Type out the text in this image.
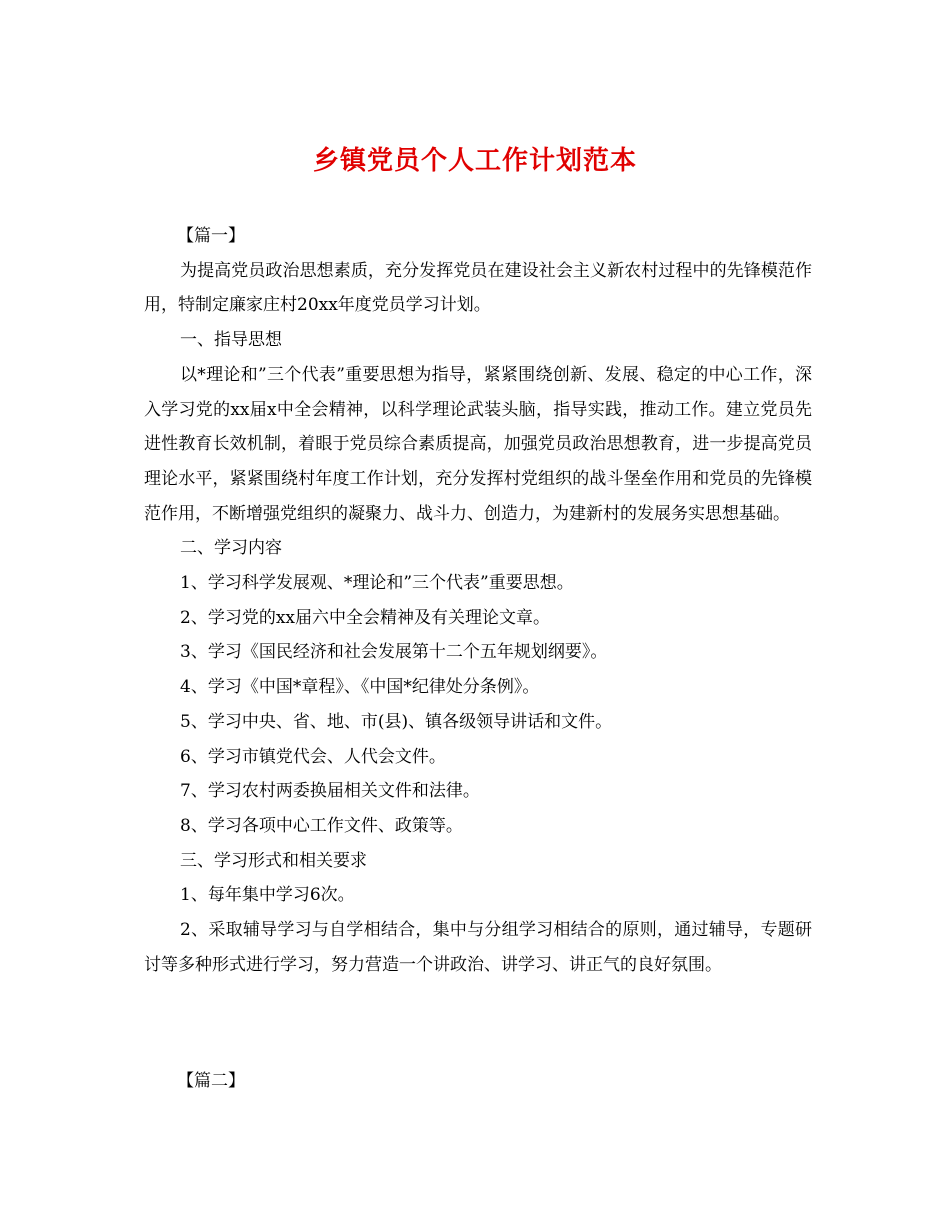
乡镇党员个人工作计划范本

【篇一】

为提高党员政治思想素质，充分发挥党员在建设社会主义新农村过程中的先锋模范作用，特制定廉家庄村20xx年度党员学习计划。

一、指导思想

以*理论和”三个代表”重要思想为指导，紧紧围绕创新、发展、稳定的中心工作，深入学习党的xx届x中全会精神，以科学理论武装头脑，指导实践，推动工作。建立党员先进性教育长效机制，着眼于党员综合素质提高，加强党员政治思想教育，进一步提高党员理论水平，紧紧围绕村年度工作计划，充分发挥村党组织的战斗堡垒作用和党员的先锋模范作用，不断增强党组织的凝聚力、战斗力、创造力，为建新村的发展务实思想基础。

二、学习内容

1、学习科学发展观、*理论和”三个代表”重要思想。

2、学习党的xx届六中全会精神及有关理论文章。

3、学习《国民经济和社会发展第十二个五年规划纲要》。

4、学习《中国*章程》、《中国*纪律处分条例》。

5、学习中央、省、地、市(县)、镇各级领导讲话和文件。

6、学习市镇党代会、人代会文件。

7、学习农村两委换届相关文件和法律。

8、学习各项中心工作文件、政策等。

三、学习形式和相关要求

1、每年集中学习6次。

2、采取辅导学习与自学相结合，集中与分组学习相结合的原则，通过辅导，专题研讨等多种形式进行学习，努力营造一个讲政治、讲学习、讲正气的良好氛围。

【篇二】
